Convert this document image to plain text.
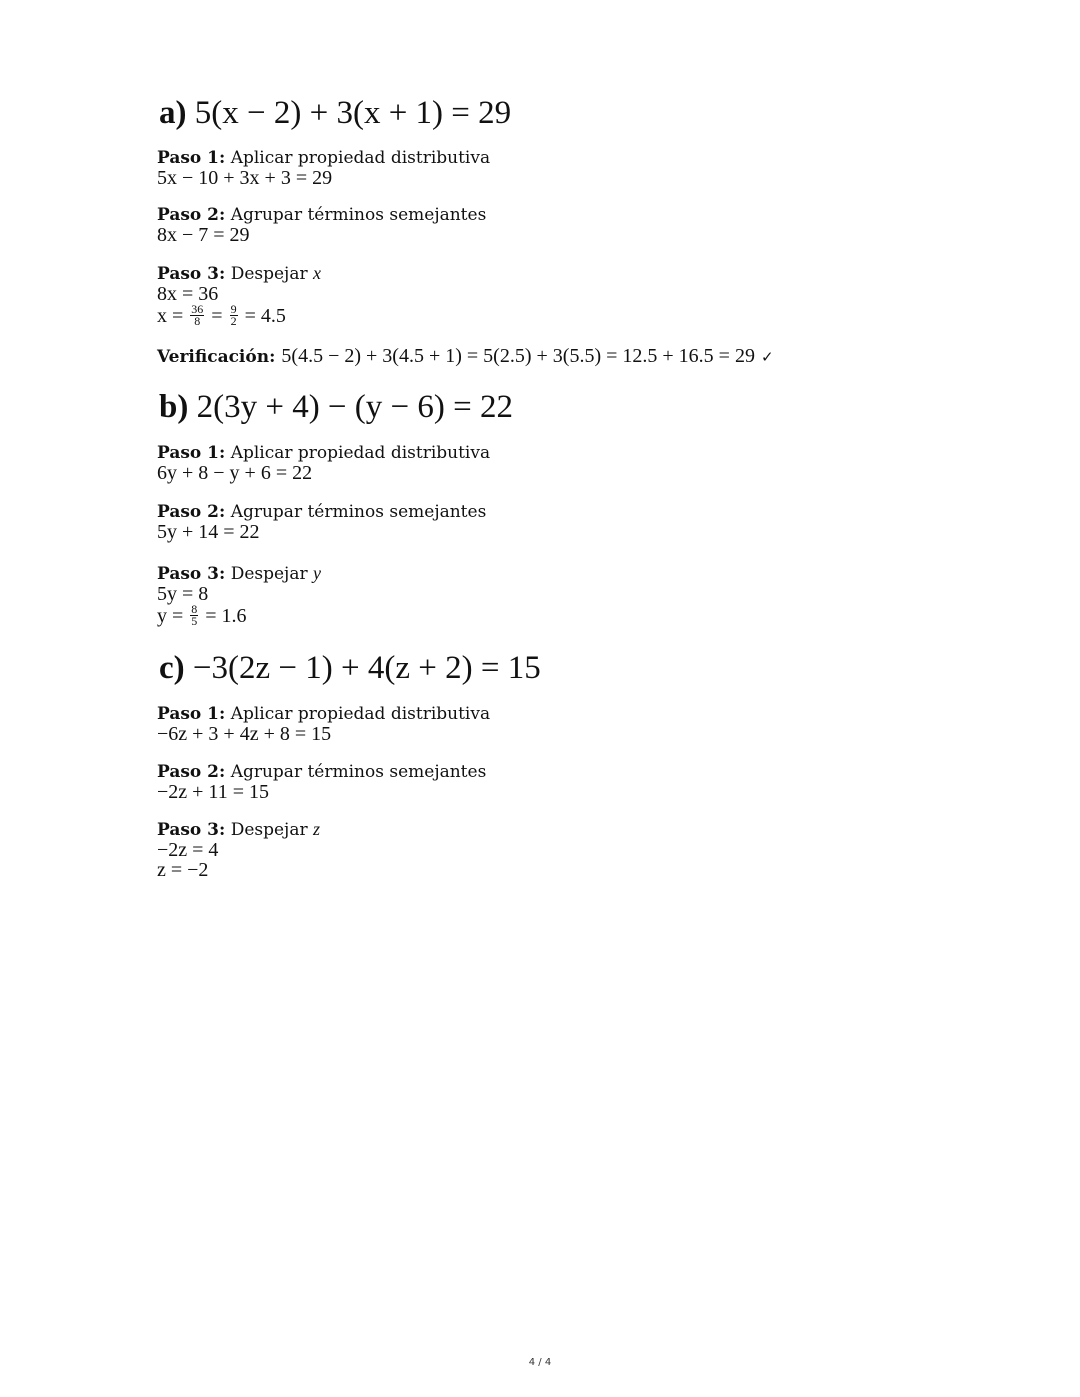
a) 5(x − 2) + 3(x + 1) = 29
Paso 1: Aplicar propiedad distributiva
5x − 10 + 3x + 3 = 29
Paso 2: Agrupar términos semejantes
8x − 7 = 29
Paso 3: Despejar x
8x = 36
$x = \frac{36}{8} = \frac{9}{2} = 4.5$
Verificación: 5(4.5 − 2) + 3(4.5 + 1) = 5(2.5) + 3(5.5) = 12.5 + 16.5 = 29 ✓
b) 2(3y + 4) − (y − 6) = 22
Paso 1: Aplicar propiedad distributiva
6y + 8 − y + 6 = 22
Paso 2: Agrupar términos semejantes
5y + 14 = 22
Paso 3: Despejar y
5y = 8
$y = \frac{8}{5} = 1.6$
c) −3(2z − 1) + 4(z + 2) = 15
Paso 1: Aplicar propiedad distributiva
−6z + 3 + 4z + 8 = 15
Paso 2: Agrupar términos semejantes
−2z + 11 = 15
Paso 3: Despejar z
−2z = 4
z = −2
4 / 4
